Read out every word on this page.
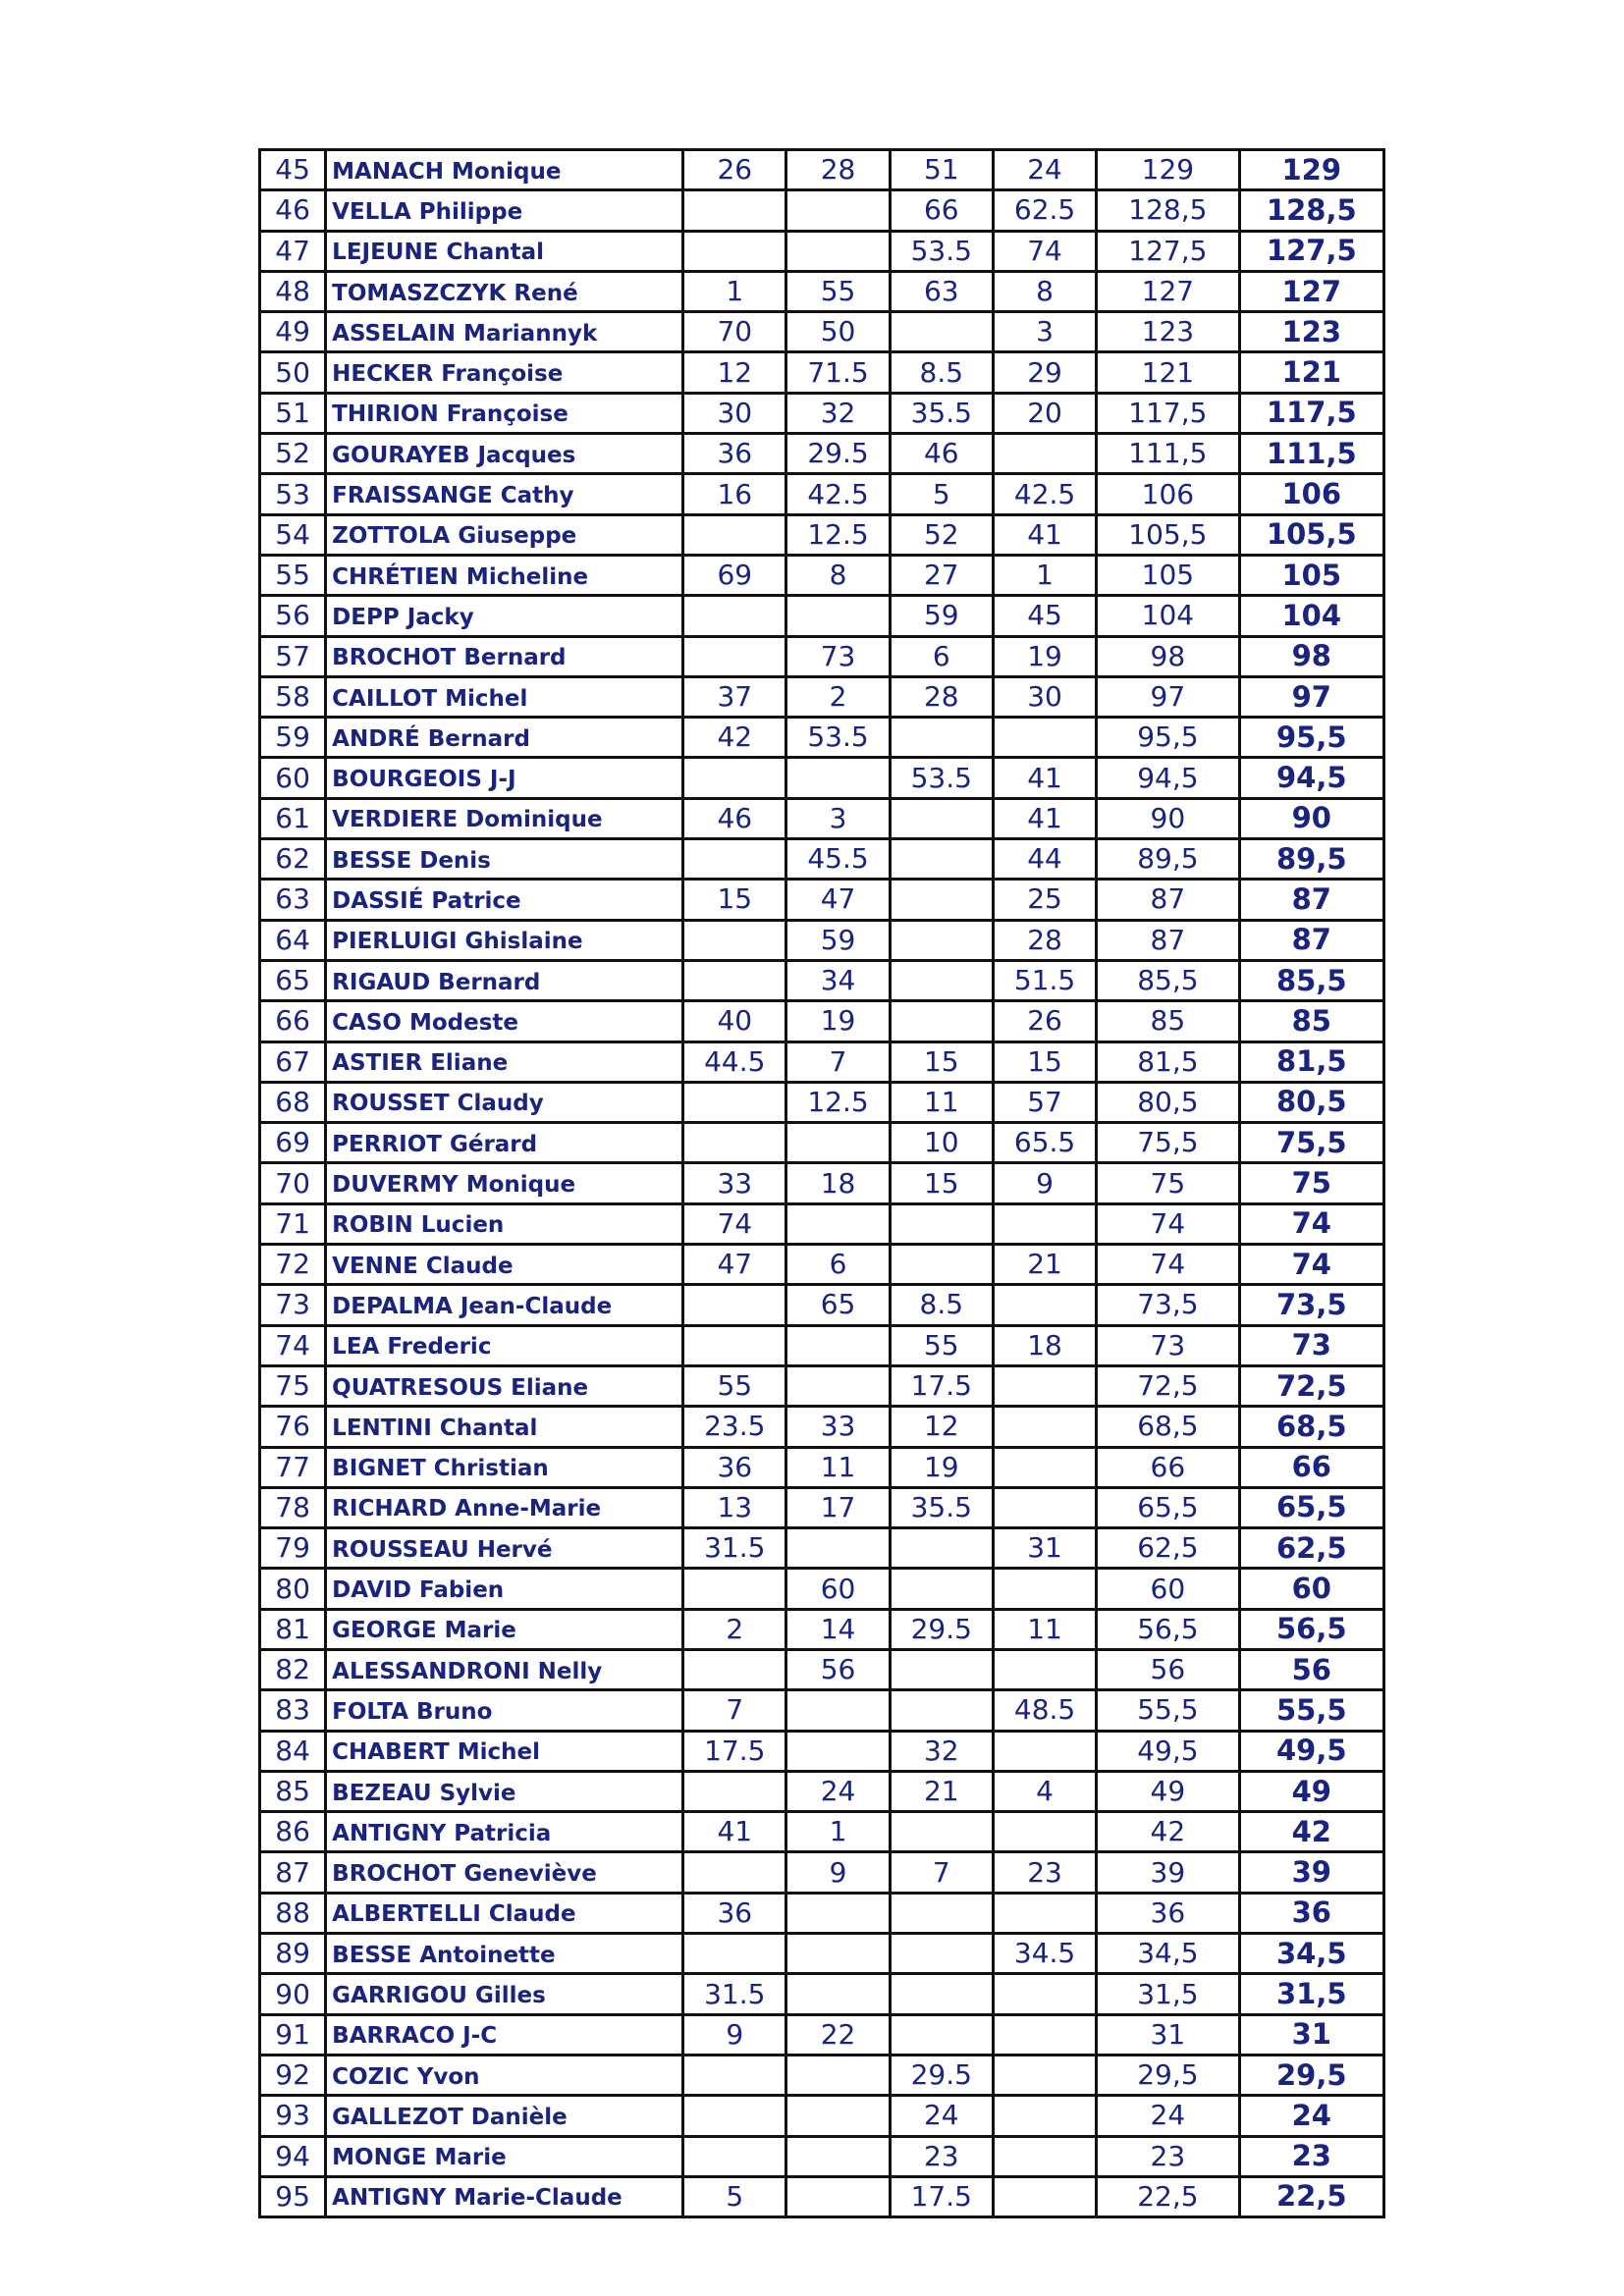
45	MANACH Monique	26	28	51	24	129	129
46	VELLA Philippe			66	62.5	128,5	128,5
47	LEJEUNE Chantal			53.5	74	127,5	127,5
48	TOMASZCZYK René	1	55	63	8	127	127
49	ASSELAIN Mariannyk	70	50		3	123	123
50	HECKER Françoise	12	71.5	8.5	29	121	121
51	THIRION Françoise	30	32	35.5	20	117,5	117,5
52	GOURAYEB Jacques	36	29.5	46		111,5	111,5
53	FRAISSANGE Cathy	16	42.5	5	42.5	106	106
54	ZOTTOLA Giuseppe		12.5	52	41	105,5	105,5
55	CHRÉTIEN Micheline	69	8	27	1	105	105
56	DEPP Jacky			59	45	104	104
57	BROCHOT Bernard		73	6	19	98	98
58	CAILLOT Michel	37	2	28	30	97	97
59	ANDRÉ Bernard	42	53.5			95,5	95,5
60	BOURGEOIS J-J			53.5	41	94,5	94,5
61	VERDIERE Dominique	46	3		41	90	90
62	BESSE Denis		45.5		44	89,5	89,5
63	DASSIÉ Patrice	15	47		25	87	87
64	PIERLUIGI Ghislaine		59		28	87	87
65	RIGAUD Bernard		34		51.5	85,5	85,5
66	CASO Modeste	40	19		26	85	85
67	ASTIER Eliane	44.5	7	15	15	81,5	81,5
68	ROUSSET Claudy		12.5	11	57	80,5	80,5
69	PERRIOT Gérard			10	65.5	75,5	75,5
70	DUVERMY Monique	33	18	15	9	75	75
71	ROBIN Lucien	74				74	74
72	VENNE Claude	47	6		21	74	74
73	DEPALMA Jean-Claude		65	8.5		73,5	73,5
74	LEA Frederic			55	18	73	73
75	QUATRESOUS Eliane	55		17.5		72,5	72,5
76	LENTINI Chantal	23.5	33	12		68,5	68,5
77	BIGNET Christian	36	11	19		66	66
78	RICHARD Anne-Marie	13	17	35.5		65,5	65,5
79	ROUSSEAU Hervé	31.5			31	62,5	62,5
80	DAVID Fabien		60			60	60
81	GEORGE Marie	2	14	29.5	11	56,5	56,5
82	ALESSANDRONI Nelly		56			56	56
83	FOLTA Bruno	7			48.5	55,5	55,5
84	CHABERT Michel	17.5		32		49,5	49,5
85	BEZEAU Sylvie		24	21	4	49	49
86	ANTIGNY Patricia	41	1			42	42
87	BROCHOT Geneviève		9	7	23	39	39
88	ALBERTELLI Claude	36				36	36
89	BESSE Antoinette				34.5	34,5	34,5
90	GARRIGOU Gilles	31.5				31,5	31,5
91	BARRACO J-C	9	22			31	31
92	COZIC Yvon			29.5		29,5	29,5
93	GALLEZOT Danièle			24		24	24
94	MONGE Marie			23		23	23
95	ANTIGNY Marie-Claude	5		17.5		22,5	22,5
